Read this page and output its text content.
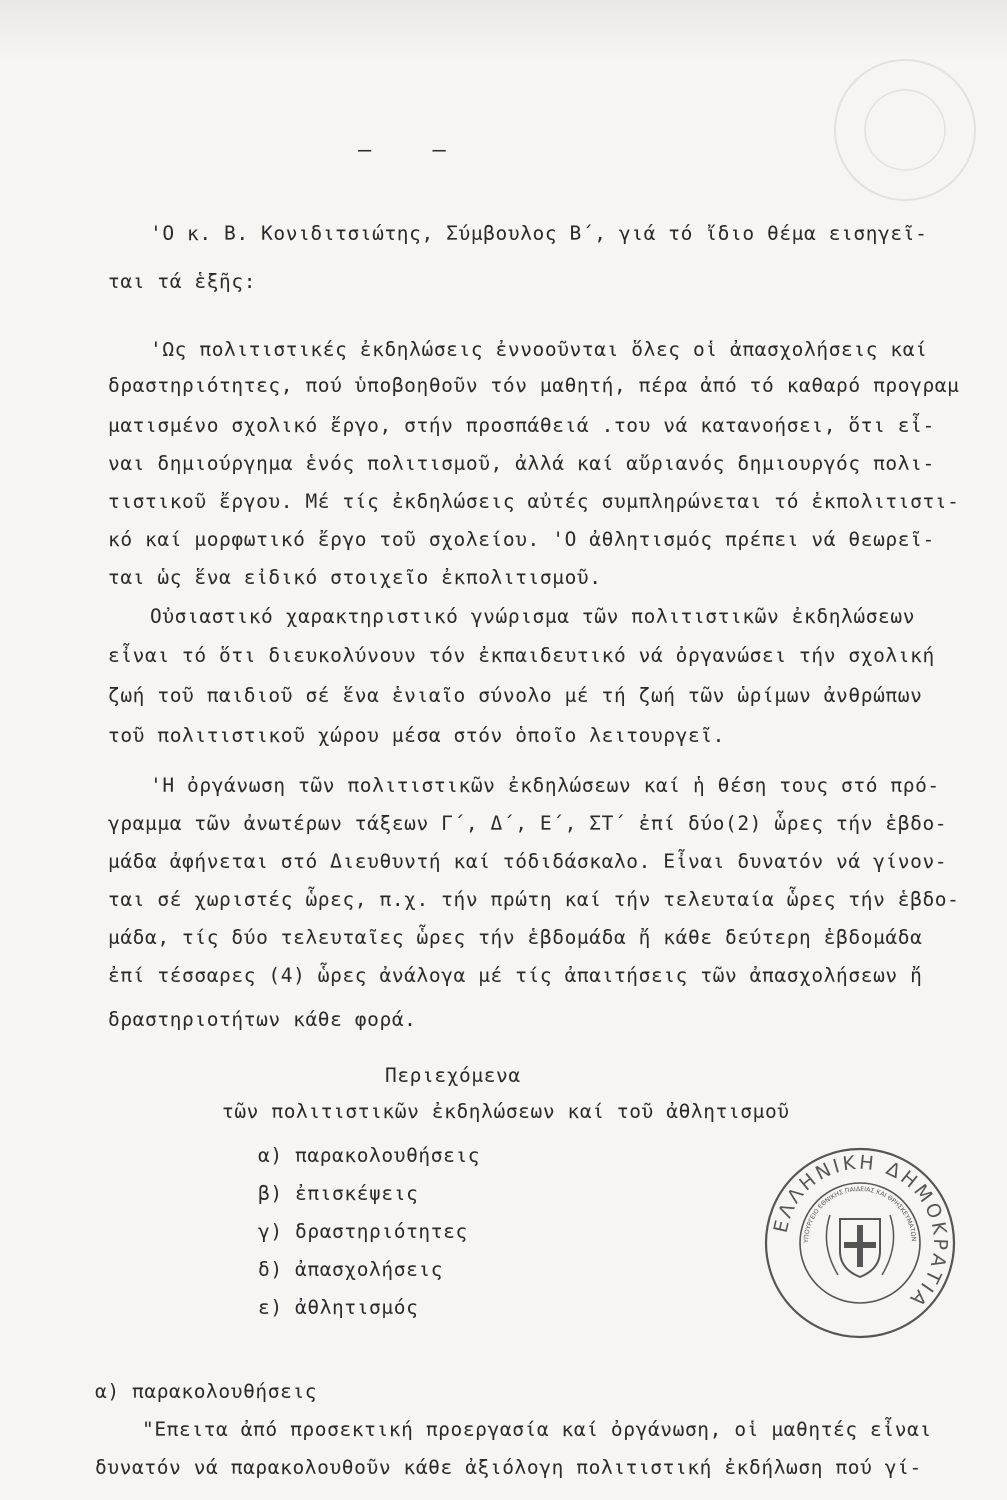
– –
'Ο κ. Β. Κονιδιτσιώτης, Σύμβουλος Β΄, γιά τό ἴδιο θέμα εισηγεῖ-
ται τά ἑξῆς:
'Ως πολιτιστικές ἐκδηλώσεις ἐννοοῦνται ὅλες οἱ ἀπασχολήσεις καί
δραστηριότητες, πού ὑποβοηθοῦν τόν μαθητή, πέρα ἀπό τό καθαρό προγραμ
ματισμένο σχολικό ἔργο, στήν προσπάθειά .του νά κατανοήσει, ὅτι εἶ-
ναι δημιούργημα ἑνός πολιτισμοῦ, ἀλλά καί αὔριανός δημιουργός πολι-
τιστικοῦ ἔργου. Μέ τίς ἐκδηλώσεις αὐτές συμπληρώνεται τό ἐκπολιτιστι-
κό καί μορφωτικό ἔργο τοῦ σχολείου. 'Ο ἀθλητισμός πρέπει νά θεωρεῖ-
ται ὡς ἕνα εἰδικό στοιχεῖο ἐκπολιτισμοῦ.
Οὐσιαστικό χαρακτηριστικό γνώρισμα τῶν πολιτιστικῶν ἐκδηλώσεων
εἶναι τό ὅτι διευκολύνουν τόν ἐκπαιδευτικό νά ὀργανώσει τήν σχολική
ζωή τοῦ παιδιοῦ σέ ἕνα ἑνιαῖο σύνολο μέ τή ζωή τῶν ὡρίμων ἀνθρώπων
τοῦ πολιτιστικοῦ χώρου μέσα στόν ὁποῖο λειτουργεῖ.
'Η ὀργάνωση τῶν πολιτιστικῶν ἐκδηλώσεων καί ἡ θέση τους στό πρό-
γραμμα τῶν ἀνωτέρων τάξεων Γ΄, Δ΄, Ε΄, ΣΤ΄ ἐπί δύο(2) ὧρες τήν ἑβδο-
μάδα ἀφήνεται στό Διευθυντή καί τόδιδάσκαλο. Εἶναι δυνατόν νά γίνον-
ται σέ χωριστές ὧρες, π.χ. τήν πρώτη καί τήν τελευταία ὧρες τήν ἑβδο-
μάδα, τίς δύο τελευταῖες ὧρες τήν ἑβδομάδα ἤ κάθε δεύτερη ἑβδομάδα
ἐπί τέσσαρες (4) ὧρες ἀνάλογα μέ τίς ἀπαιτήσεις τῶν ἀπασχολήσεων ἤ
δραστηριοτήτων κάθε φορά.
Περιεχόμενα
τῶν πολιτιστικῶν ἐκδηλώσεων καί τοῦ ἀθλητισμοῦ
α) παρακολουθήσεις
β) ἐπισκέψεις
γ) δραστηριότητες
δ) ἀπασχολήσεις
ε) ἀθλητισμός
α) παρακολουθήσεις
"Επειτα ἀπό προσεκτική προεργασία καί ὀργάνωση, οἱ μαθητές εἶναι
δυνατόν νά παρακολουθοῦν κάθε ἀξιόλογη πολιτιστική ἐκδήλωση πού γί-
ΕΛΛΗΝΙΚΗ ΔΗΜΟΚΡΑΤΙΑ
ΥΠΟΥΡΓΕΙΟ ΕΘΝΙΚΗΣ ΠΑΙΔΕΙΑΣ ΚΑΙ ΘΡΗΣΚΕΥΜΑΤΩΝ
